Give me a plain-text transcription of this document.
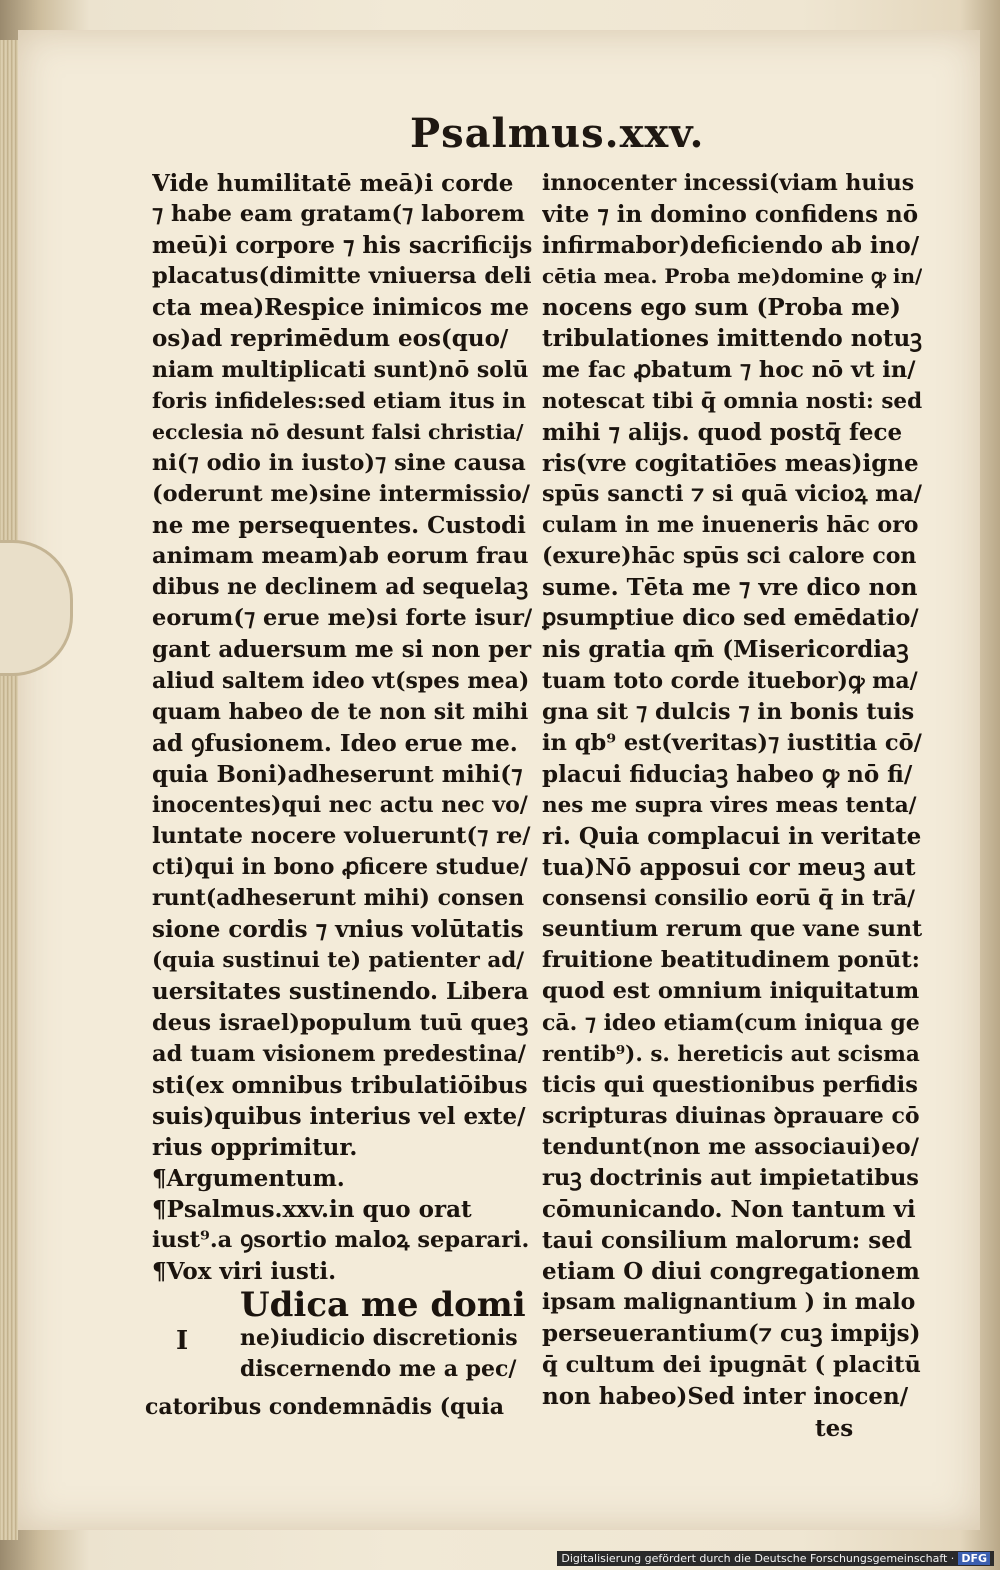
Psalmus.xxv.
Vide humilitatē meā)i corde
⁊ habe eam gratam(⁊ laborem
meū)i corpore ⁊ his sacrificijs
placatus(dimitte vniuersa deli
cta mea)Respice inimicos me
os)ad reprimēdum eos(quo/
niam multiplicati sunt)nō solū
foris infideles:sed etiam itus in
ecclesia nō desunt falsi christia/
ni(⁊ odio in iusto)⁊ sine causa
(oderunt me)sine intermissio/
ne me persequentes. Custodi
animam meam)ab eorum frau
dibus ne declinem ad sequelaꝫ
eorum(⁊ erue me)si forte isur/
gant aduersum me si non per
aliud saltem ideo vt(spes mea)
quam habeo de te non sit mihi
ad ꝯfusionem. Ideo erue me.
quia Boni)adheserunt mihi(⁊
inocentes)qui nec actu nec vo/
luntate nocere voluerunt(⁊ re/
cti)qui in bono ꝓficere studue/
runt(adheserunt mihi) consen
sione cordis ⁊ vnius volūtatis
(quia sustinui te) patienter ad/
uersitates sustinendo. Libera
deus israel)populum tuū queꝫ
ad tuam visionem predestina/
sti(ex omnibus tribulatiōibus
suis)quibus interius vel exte/
rius opprimitur.
¶Argumentum.
¶Psalmus.xxv.in quo orat
iust⁹.a ꝯsortio maloꝝ separari.
¶Vox viri iusti.
innocenter incessi(viam huius
vite ⁊ in domino confidens nō
infirmabor)deficiendo ab ino/
cētia mea. Proba me)domine ꝙ in/
nocens ego sum (Proba me)
tribulationes imittendo notuꝫ
me fac ꝓbatum ⁊ hoc nō vt in/
notescat tibi q̄ omnia nosti: sed
mihi ⁊ alijs. quod postq̄ fece
ris(vre cogitatiōes meas)igne
spūs sancti ⁊ si quā vicioꝝ ma/
culam in me inueneris hāc oro
(exure)hāc spūs sci calore con
sume. Tēta me ⁊ vre dico non
ꝑsumptiue dico sed emēdatio/
nis gratia qm̄ (Misericordiaꝫ
tuam toto corde ituebor)ꝙ ma/
gna sit ⁊ dulcis ⁊ in bonis tuis
in qb⁹ est(veritas)⁊ iustitia cō/
placui fiduciaꝫ habeo ꝙ nō fi/
nes me supra vires meas tenta/
ri. Quia complacui in veritate
tua)Nō apposui cor meuꝫ aut
consensi consilio eorū q̄ in trā/
seuntium rerum que vane sunt
fruitione beatitudinem ponūt:
quod est omnium iniquitatum
cā. ⁊ ideo etiam(cum iniqua ge
rentib⁹). s. hereticis aut scisma
ticis qui questionibus perfidis
scripturas diuinas ꝺprauare cō
tendunt(non me associaui)eo/
ruꝫ doctrinis aut impietatibus
cōmunicando. Non tantum vi
taui consilium malorum: sed
etiam O diui congregationem
ipsam malignantium ) in malo
perseuerantium(⁊ cuꝫ impijs)
q̄ cultum dei ipugnāt ( placitū
non habeo)Sed inter inocen/
Udica me domi
I ne)iudicio discretionis
discernendo me a pec/
catoribus condemnādis (quia
tes
Digitalisierung gefördert durch die Deutsche Forschungsgemeinschaft · DFG
